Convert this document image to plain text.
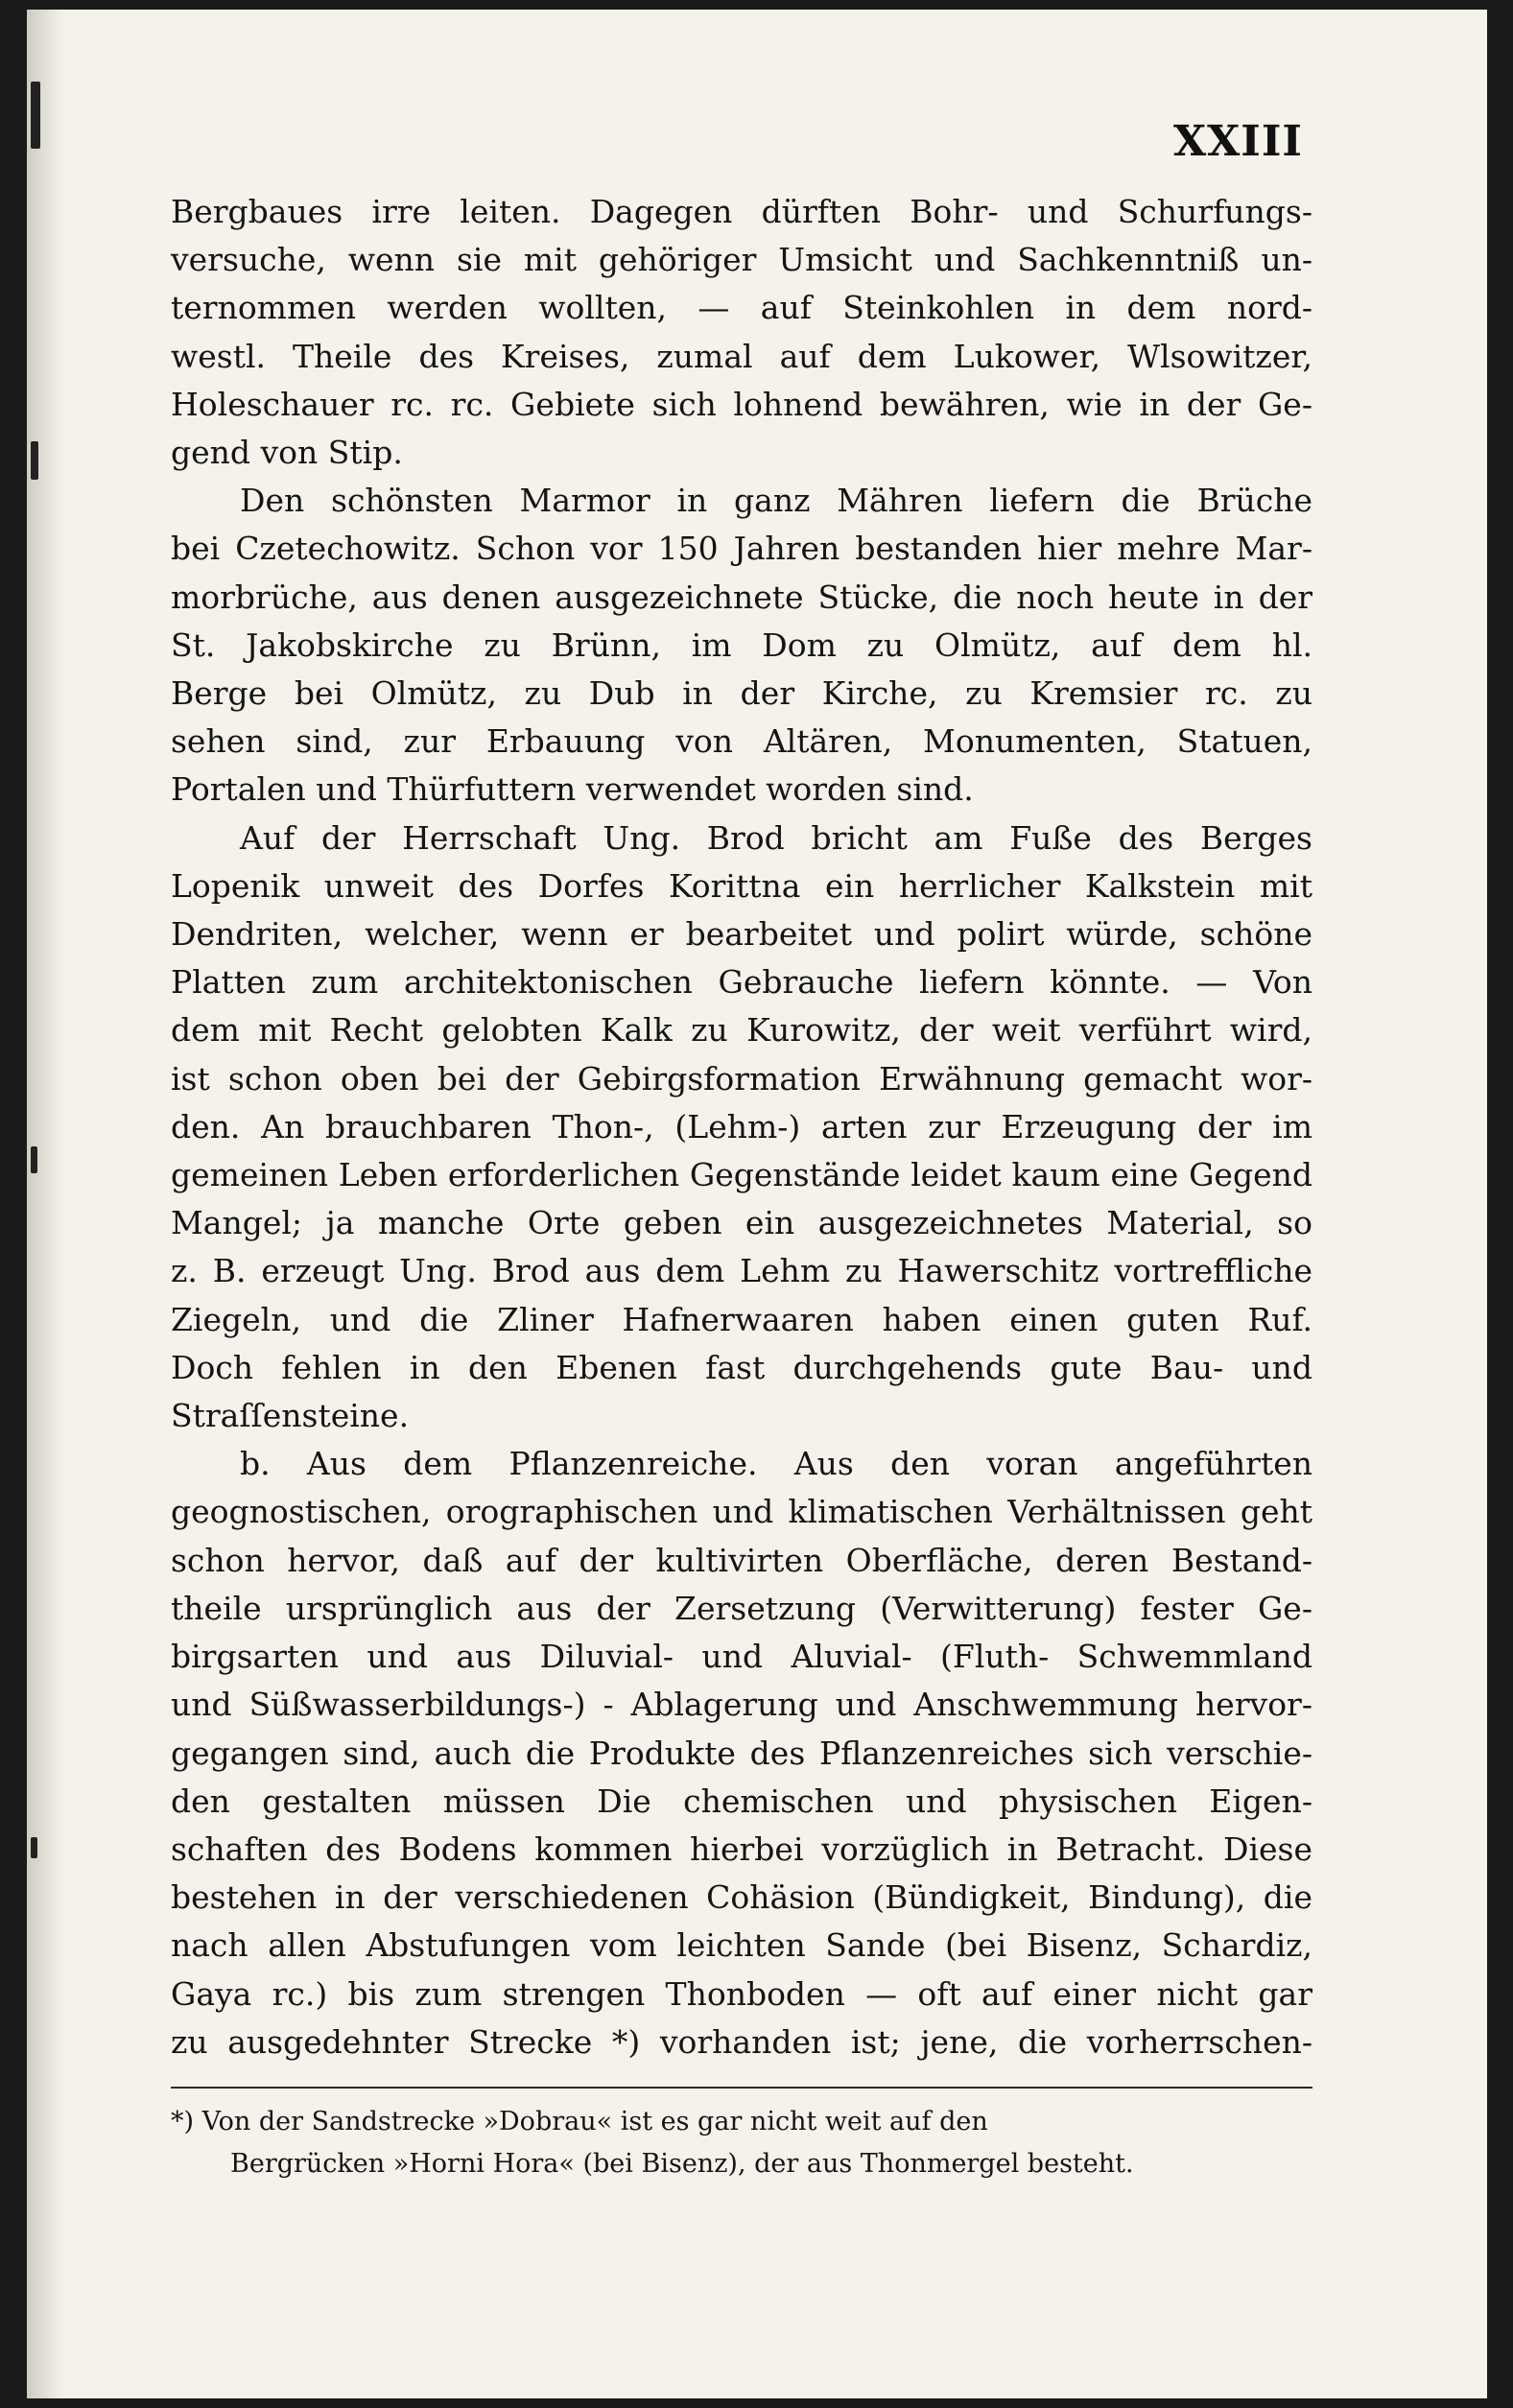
XXIII
Bergbaues irre leiten. Dagegen dürften Bohr- und Schurfungs-
versuche, wenn sie mit gehöriger Umsicht und Sachkenntniß un-
ternommen werden wollten, — auf Steinkohlen in dem nord-
westl. Theile des Kreises, zumal auf dem Lukower, Wlsowitzer,
Holeschauer rc. rc. Gebiete sich lohnend bewähren, wie in der Ge-
gend von Stip.
Den schönsten Marmor in ganz Mähren liefern die Brüche
bei Czetechowitz. Schon vor 150 Jahren bestanden hier mehre Mar-
morbrüche, aus denen ausgezeichnete Stücke, die noch heute in der
St. Jakobskirche zu Brünn, im Dom zu Olmütz, auf dem hl.
Berge bei Olmütz, zu Dub in der Kirche, zu Kremsier rc. zu
sehen sind, zur Erbauung von Altären, Monumenten, Statuen,
Portalen und Thürfuttern verwendet worden sind.
Auf der Herrschaft Ung. Brod bricht am Fuße des Berges
Lopenik unweit des Dorfes Korittna ein herrlicher Kalkstein mit
Dendriten, welcher, wenn er bearbeitet und polirt würde, schöne
Platten zum architektonischen Gebrauche liefern könnte. — Von
dem mit Recht gelobten Kalk zu Kurowitz, der weit verführt wird,
ist schon oben bei der Gebirgsformation Erwähnung gemacht wor-
den. An brauchbaren Thon-, (Lehm-) arten zur Erzeugung der im
gemeinen Leben erforderlichen Gegenstände leidet kaum eine Gegend
Mangel; ja manche Orte geben ein ausgezeichnetes Material, so
z. B. erzeugt Ung. Brod aus dem Lehm zu Hawerschitz vortreffliche
Ziegeln, und die Zliner Hafnerwaaren haben einen guten Ruf.
Doch fehlen in den Ebenen fast durchgehends gute Bau- und
Straſſensteine.
b. Aus dem Pflanzenreiche. Aus den voran angeführten
geognostischen, orographischen und klimatischen Verhältnissen geht
schon hervor, daß auf der kultivirten Oberfläche, deren Bestand-
theile ursprünglich aus der Zersetzung (Verwitterung) fester Ge-
birgsarten und aus Diluvial- und Aluvial- (Fluth- Schwemmland
und Süßwasserbildungs-) - Ablagerung und Anschwemmung hervor-
gegangen sind, auch die Produkte des Pflanzenreiches sich verschie-
den gestalten müssen Die chemischen und physischen Eigen-
schaften des Bodens kommen hierbei vorzüglich in Betracht. Diese
bestehen in der verschiedenen Cohäsion (Bündigkeit, Bindung), die
nach allen Abstufungen vom leichten Sande (bei Bisenz, Schardiz,
Gaya rc.) bis zum strengen Thonboden — oft auf einer nicht gar
zu ausgedehnter Strecke *) vorhanden ist; jene, die vorherrschen-
*) Von der Sandstrecke »Dobrau« ist es gar nicht weit auf den
Bergrücken »Horni Hora« (bei Bisenz), der aus Thonmergel besteht.
